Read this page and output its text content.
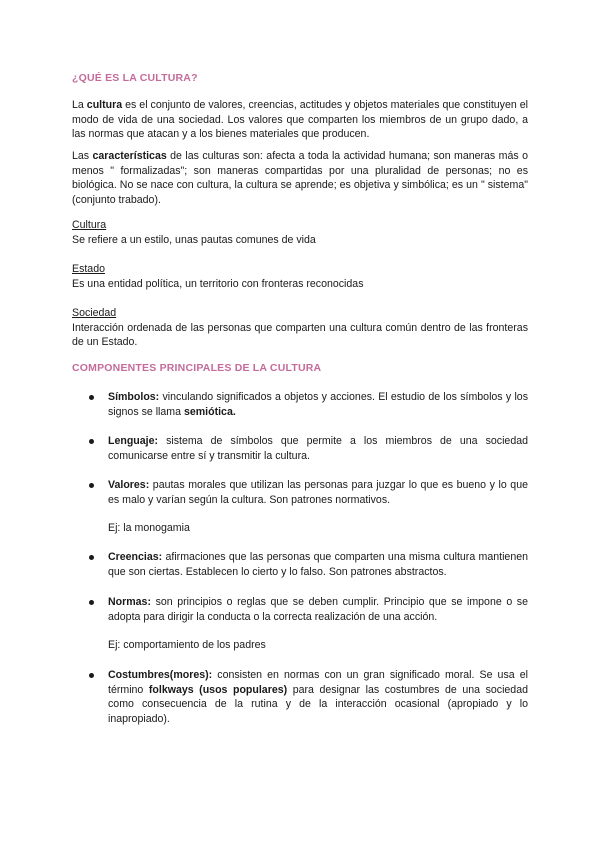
¿QUÉ ES LA CULTURA?

La cultura es el conjunto de valores, creencias, actitudes y objetos materiales que constituyen el modo de vida de una sociedad. Los valores que comparten los miembros de un grupo dado, a las normas que atacan y a los bienes materiales que producen.

Las características de las culturas son: afecta a toda la actividad humana; son maneras más o menos " formalizadas"; son maneras compartidas por una pluralidad de personas; no es biológica. No se nace con cultura, la cultura se aprende; es objetiva y simbólica; es un " sistema" (conjunto trabado).

Cultura

Se refiere a un estilo, unas pautas comunes de vida

Estado

Es una entidad política, un territorio con fronteras reconocidas

Sociedad

Interacción ordenada de las personas que comparten una cultura común dentro de las fronteras de un Estado.

COMPONENTES PRINCIPALES DE LA CULTURA
Símbolos: vinculando significados a objetos y acciones. El estudio de los símbolos y los signos se llama semiótica.
Lenguaje: sistema de símbolos que permite a los miembros de una sociedad comunicarse entre sí y transmitir la cultura.
Valores: pautas morales que utilizan las personas para juzgar lo que es bueno y lo que es malo y varían según la cultura. Son patrones normativos.
Ej: la monogamia
Creencias: afirmaciones que las personas que comparten una misma cultura mantienen que son ciertas. Establecen lo cierto y lo falso. Son patrones abstractos.
Normas: son principios o reglas que se deben cumplir. Principio que se impone o se adopta para dirigir la conducta o la correcta realización de una acción.
Ej: comportamiento de los padres
Costumbres(mores): consisten en normas con un gran significado moral. Se usa el término folkways (usos populares) para designar las costumbres de una sociedad como consecuencia de la rutina y de la interacción ocasional (apropiado y lo inapropiado).
